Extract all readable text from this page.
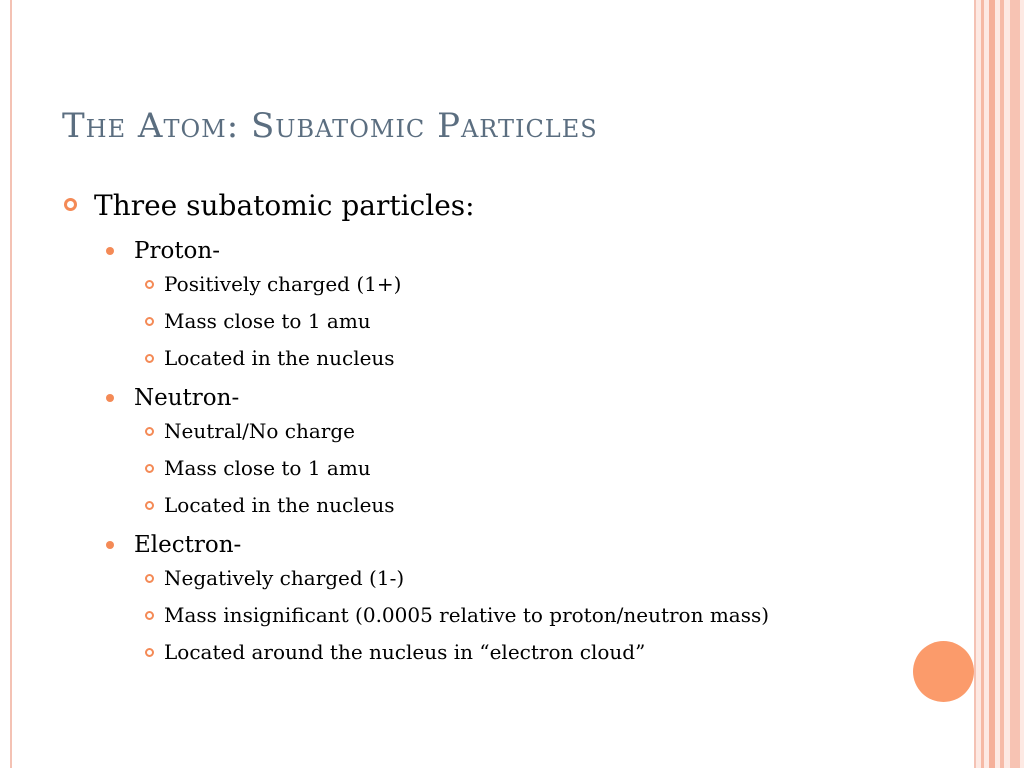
The Atom: Subatomic Particles

Three subatomic particles:

Proton-

Positively charged (1+)

Mass close to 1 amu

Located in the nucleus

Neutron-

Neutral/No charge

Mass close to 1 amu

Located in the nucleus

Electron-

Negatively charged (1-)

Mass insignificant (0.0005 relative to proton/neutron mass)

Located around the nucleus in “electron cloud”
